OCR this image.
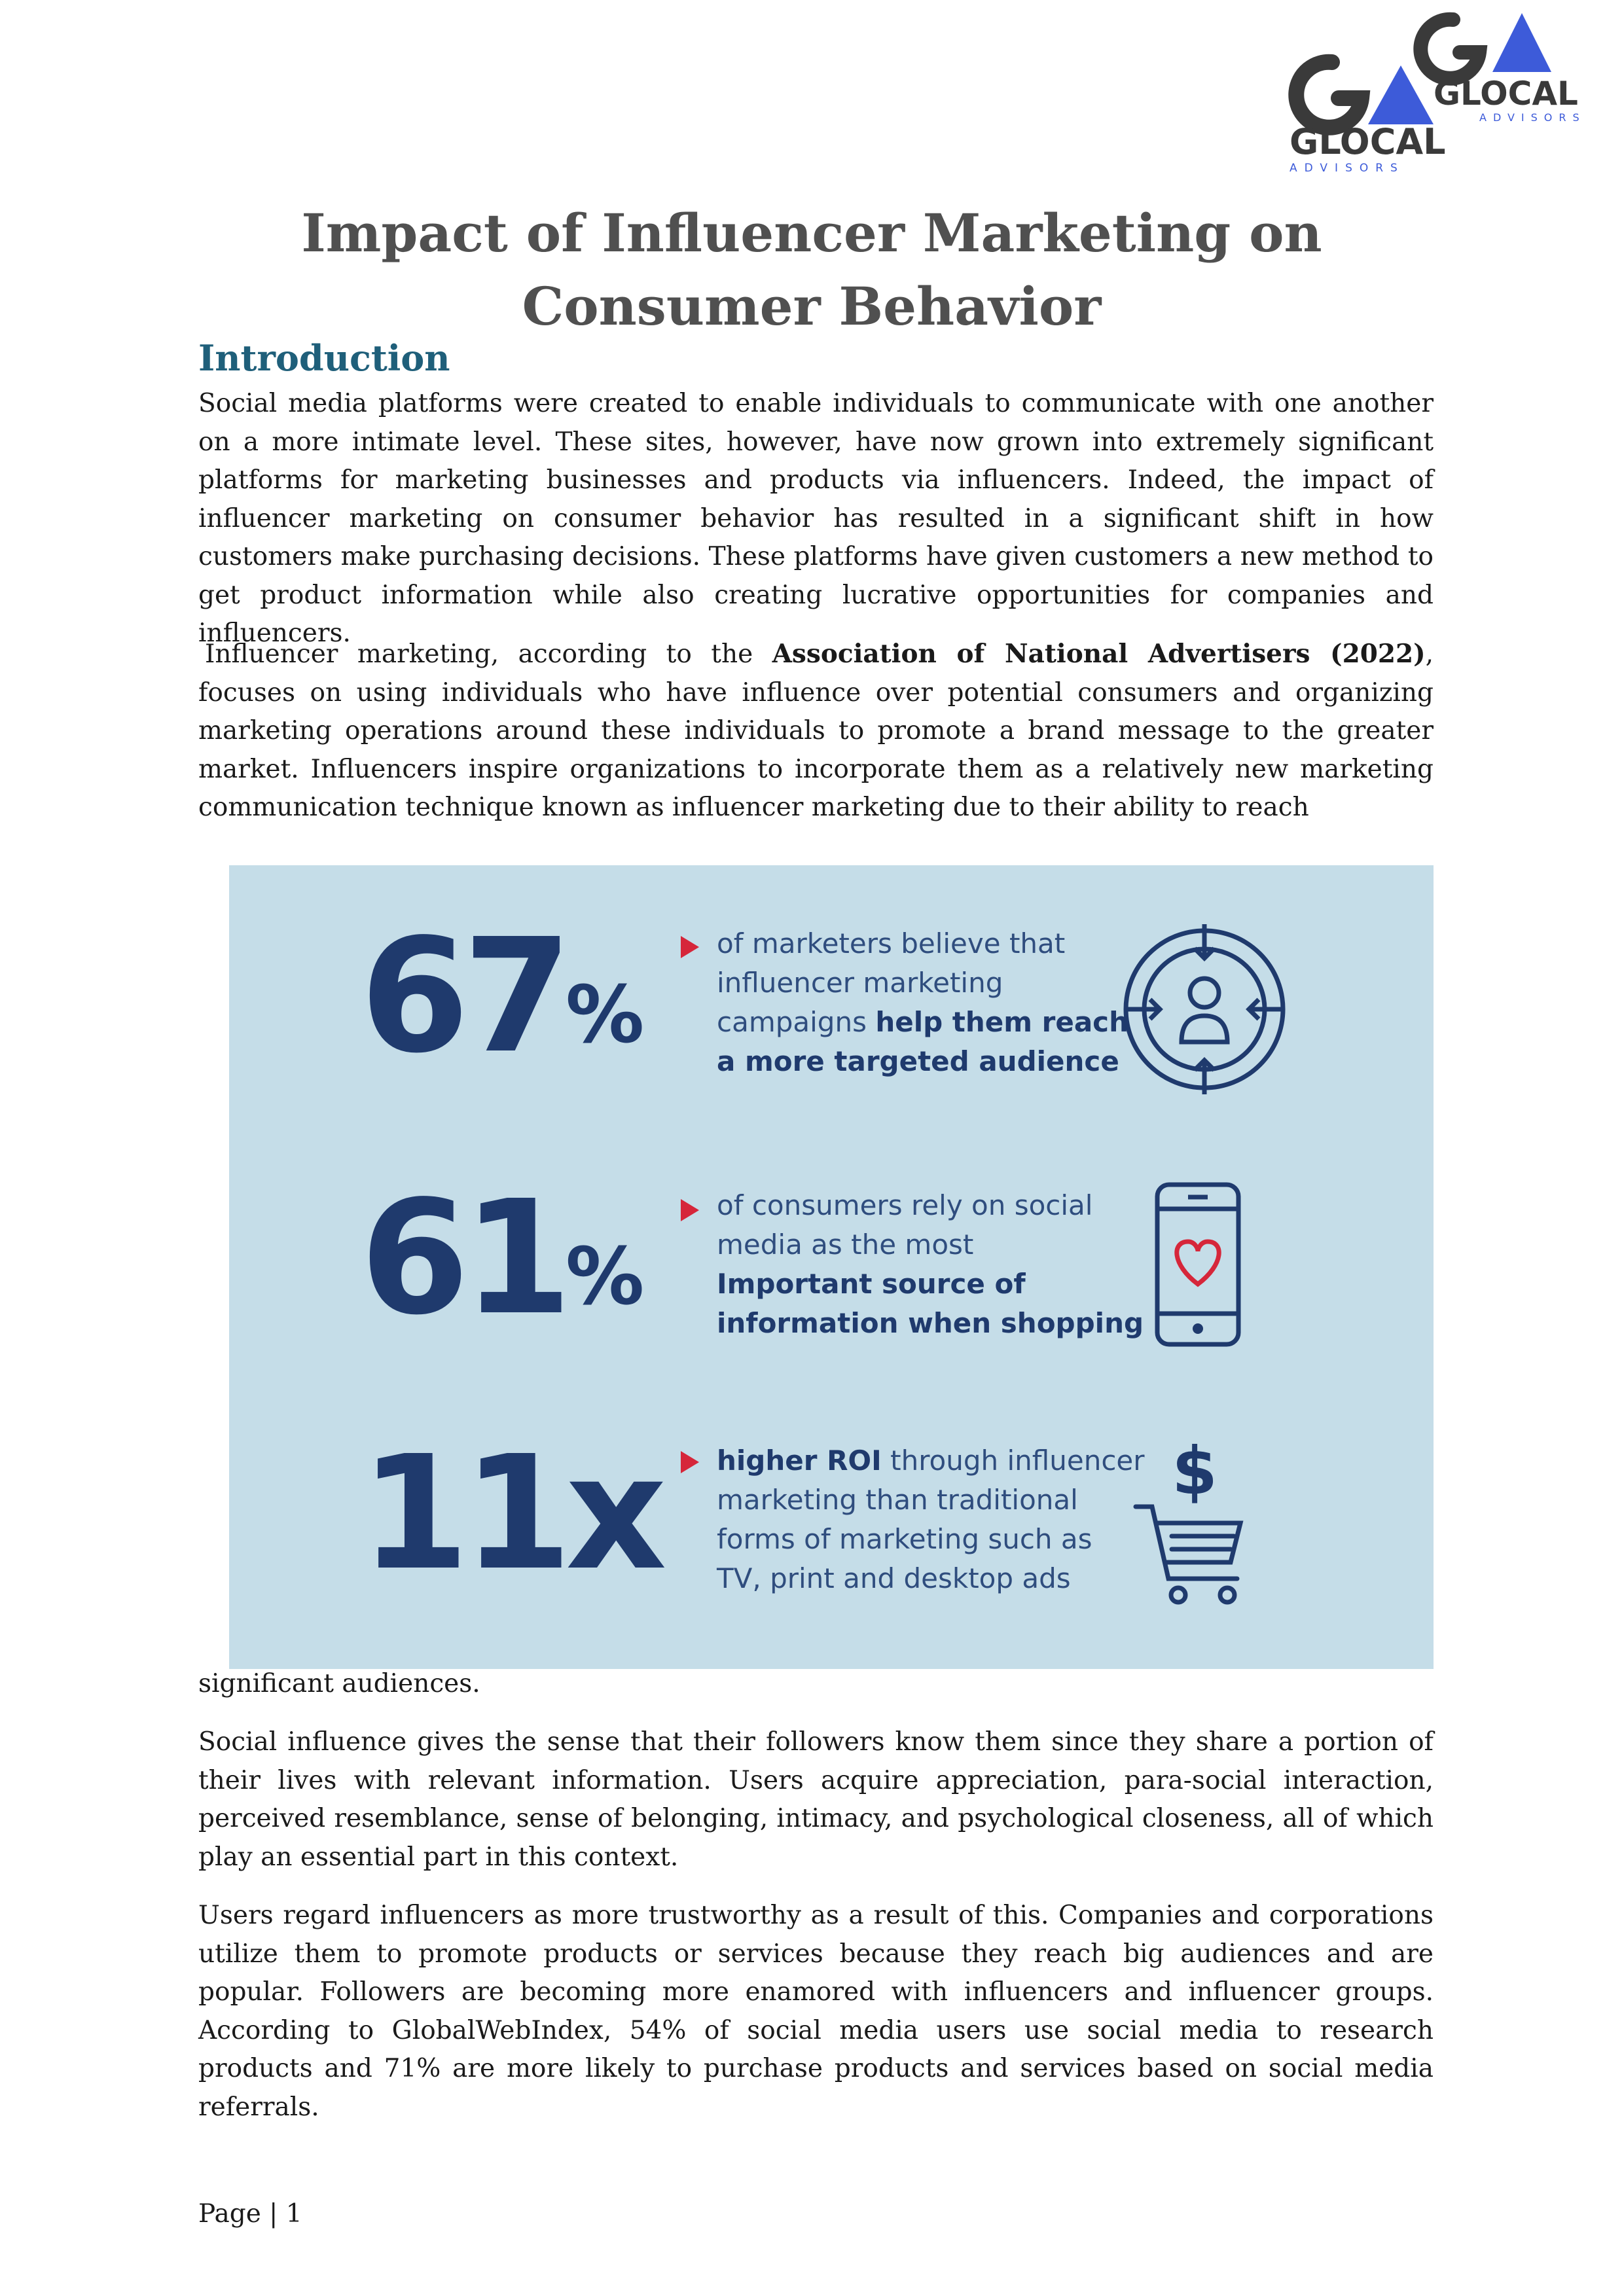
GLOCAL
ADVISORS
GLOCAL
ADVISORS
Impact of Influencer Marketing on
Consumer Behavior
Introduction

Social media platforms were created to enable individuals to communicate with one another on a more intimate level. These sites, however, have now grown into extremely significant platforms for marketing businesses and products via influencers. Indeed, the impact of influencer marketing on consumer behavior has resulted in a significant shift in how customers make purchasing decisions. These platforms have given customers a new method to get product information while also creating lucrative opportunities for companies and influencers.

Influencer marketing, according to the Association of National Advertisers (2022), focuses on using individuals who have influence over potential consumers and organizing marketing operations around these individuals to promote a brand message to the greater market. Influencers inspire organizations to incorporate them as a relatively new marketing communication technique known as influencer marketing due to their ability to reach

67%
of marketers believe that
influencer marketing
campaigns help them reach
a more targeted audience
61%
of consumers rely on social
media as the most
Important source of
information when shopping
11x higher ROI through influencer
marketing than traditional
forms of marketing such as
TV, print and desktop ads
$

significant audiences.

Social influence gives the sense that their followers know them since they share a portion of their lives with relevant information. Users acquire appreciation, para-social interaction, perceived resemblance, sense of belonging, intimacy, and psychological closeness, all of which play an essential part in this context.

Users regard influencers as more trustworthy as a result of this. Companies and corporations utilize them to promote products or services because they reach big audiences and are popular. Followers are becoming more enamored with influencers and influencer groups. According to GlobalWebIndex, 54% of social media users use social media to research products and 71% are more likely to purchase products and services based on social media referrals.

Page | 1
